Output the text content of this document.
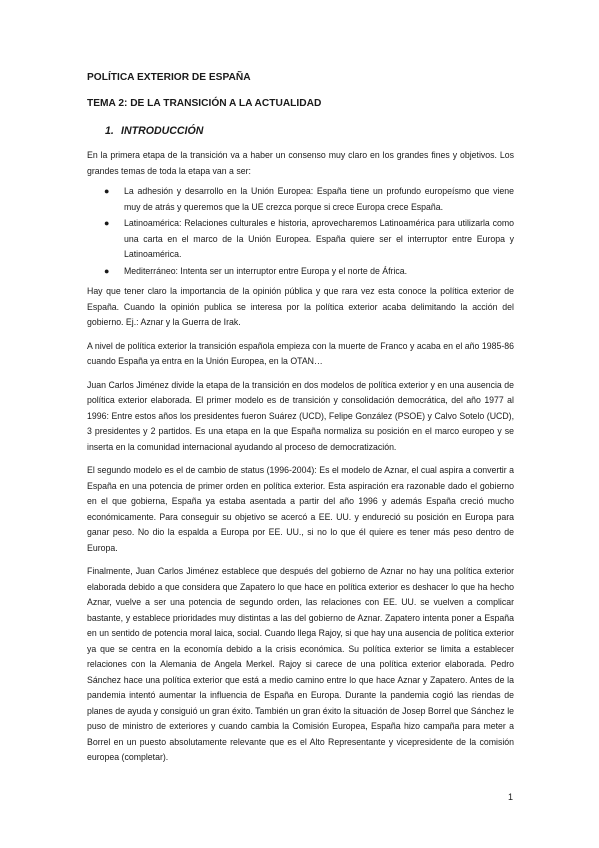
POLÍTICA EXTERIOR DE ESPAÑA
TEMA 2: DE LA TRANSICIÓN A LA ACTUALIDAD
1. INTRODUCCIÓN

En la primera etapa de la transición va a haber un consenso muy claro en los grandes fines y objetivos. Los grandes temas de toda la etapa van a ser:

● La adhesión y desarrollo en la Unión Europea: España tiene un profundo europeísmo que viene muy de atrás y queremos que la UE crezca porque si crece Europa crece España.
● Latinoamérica: Relaciones culturales e historia, aprovecharemos Latinoamérica para utilizarla como una carta en el marco de la Unión Europea. España quiere ser el interruptor entre Europa y Latinoamérica.
● Mediterráneo: Intenta ser un interruptor entre Europa y el norte de África.

Hay que tener claro la importancia de la opinión pública y que rara vez esta conoce la política exterior de España. Cuando la opinión publica se interesa por la política exterior acaba delimitando la acción del gobierno. Ej.: Aznar y la Guerra de Irak.

A nivel de política exterior la transición española empieza con la muerte de Franco y acaba en el año 1985-86 cuando España ya entra en la Unión Europea, en la OTAN…

Juan Carlos Jiménez divide la etapa de la transición en dos modelos de política exterior y en una ausencia de política exterior elaborada. El primer modelo es de transición y consolidación democrática, del año 1977 al 1996: Entre estos años los presidentes fueron Suárez (UCD), Felipe González (PSOE) y Calvo Sotelo (UCD), 3 presidentes y 2 partidos. Es una etapa en la que España normaliza su posición en el marco europeo y se inserta en la comunidad internacional ayudando al proceso de democratización.

El segundo modelo es el de cambio de status (1996-2004): Es el modelo de Aznar, el cual aspira a convertir a España en una potencia de primer orden en política exterior. Esta aspiración era razonable dado el gobierno en el que gobierna, España ya estaba asentada a partir del año 1996 y además España creció mucho económicamente. Para conseguir su objetivo se acercó a EE. UU. y endureció su posición en Europa para ganar peso. No dio la espalda a Europa por EE. UU., si no lo que él quiere es tener más peso dentro de Europa.

Finalmente, Juan Carlos Jiménez establece que después del gobierno de Aznar no hay una política exterior elaborada debido a que considera que Zapatero lo que hace en política exterior es deshacer lo que ha hecho Aznar, vuelve a ser una potencia de segundo orden, las relaciones con EE. UU. se vuelven a complicar bastante, y establece prioridades muy distintas a las del gobierno de Aznar. Zapatero intenta poner a España en un sentido de potencia moral laica, social. Cuando llega Rajoy, si que hay una ausencia de política exterior ya que se centra en la economía debido a la crisis económica. Su política exterior se limita a establecer relaciones con la Alemania de Angela Merkel. Rajoy si carece de una política exterior elaborada. Pedro Sánchez hace una política exterior que está a medio camino entre lo que hace Aznar y Zapatero. Antes de la pandemia intentó aumentar la influencia de España en Europa. Durante la pandemia cogió las riendas de planes de ayuda y consiguió un gran éxito. También un gran éxito la situación de Josep Borrel que Sánchez le puso de ministro de exteriores y cuando cambia la Comisión Europea, España hizo campaña para meter a Borrel en un puesto absolutamente relevante que es el Alto Representante y vicepresidente de la comisión europea (completar).

1
